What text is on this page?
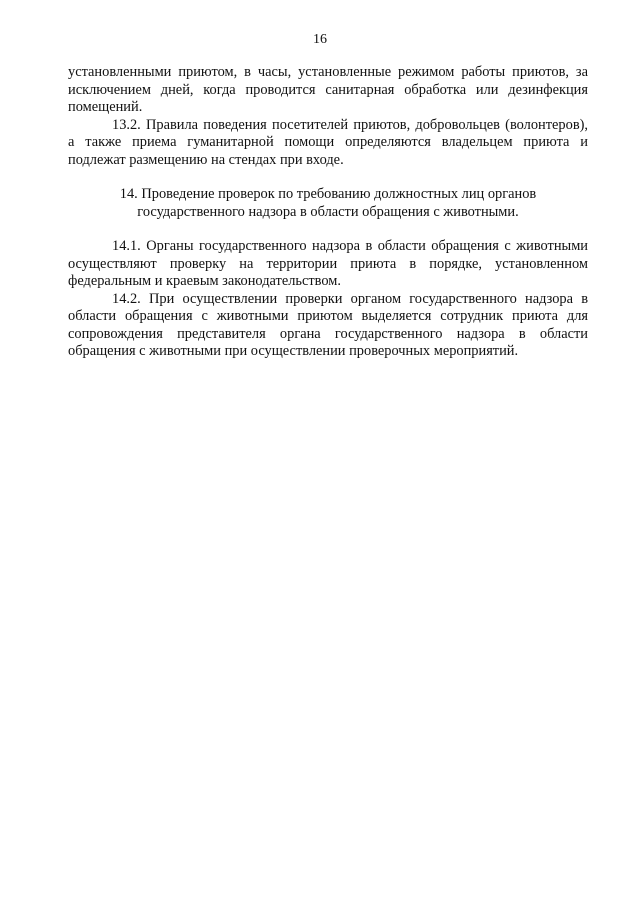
16

установленными приютом, в часы, установленные режимом работы приютов, за исключением дней, когда проводится санитарная обработка или дезинфекция помещений.

13.2. Правила поведения посетителей приютов, добровольцев (волонтеров), а также приема гуманитарной помощи определяются владельцем приюта и подлежат размещению на стендах при входе.

14. Проведение проверок по требованию должностных лиц органов
государственного надзора в области обращения с животными.

14.1. Органы государственного надзора в области обращения с животными осуществляют проверку на территории приюта в порядке, установленном федеральным и краевым законодательством.

14.2. При осуществлении проверки органом государственного надзора в области обращения с животными приютом выделяется сотрудник приюта для сопровождения представителя органа государственного надзора в области обращения с животными при осуществлении проверочных мероприятий.
